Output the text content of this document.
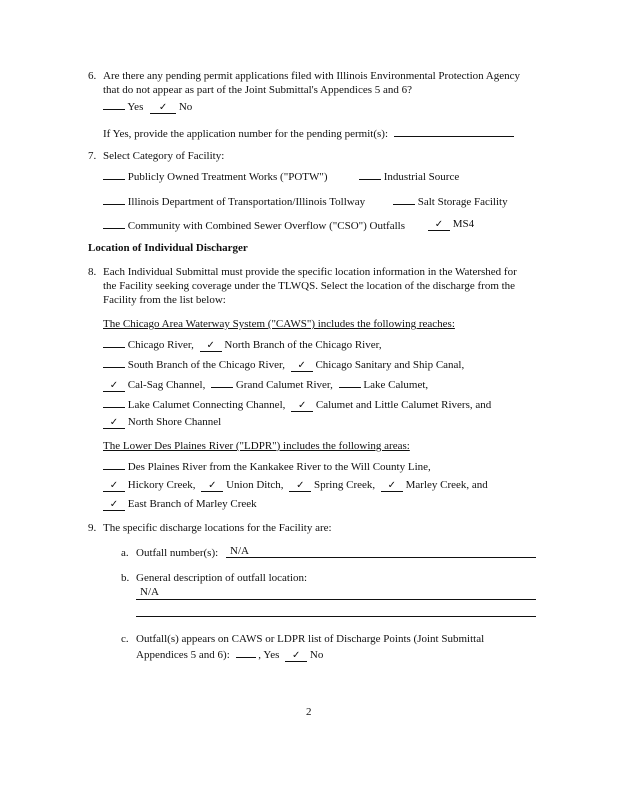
6. Are there any pending permit applications filed with Illinois Environmental Protection Agency
that do not appear as part of the Joint Submittal's Appendices 5 and 6?
Yes ✓ No
If Yes, provide the application number for the pending permit(s):
7. Select Category of Facility:
Publicly Owned Treatment Works ("POTW")	Industrial Source
Illinois Department of Transportation/Illinois Tollway	Salt Storage Facility
Community with Combined Sewer Overflow ("CSO") Outfalls	✓ MS4
Location of Individual Discharger
8. Each Individual Submittal must provide the specific location information in the Watershed for
the Facility seeking coverage under the TLWQS. Select the location of the discharge from the
Facility from the list below:
The Chicago Area Waterway System ("CAWS") includes the following reaches:
Chicago River, ✓ North Branch of the Chicago River,
South Branch of the Chicago River, ✓ Chicago Sanitary and Ship Canal,
✓ Cal-Sag Channel,	Grand Calumet River,	Lake Calumet,
Lake Calumet Connecting Channel, ✓ Calumet and Little Calumet Rivers, and
✓ North Shore Channel
The Lower Des Plaines River ("LDPR") includes the following areas:
Des Plaines River from the Kankakee River to the Will County Line,
✓ Hickory Creek, ✓ Union Ditch, ✓ Spring Creek, ✓ Marley Creek, and
✓ East Branch of Marley Creek
9. The specific discharge locations for the Facility are:
a. Outfall number(s): N/A
b. General description of outfall location:
N/A
c. Outfall(s) appears on CAWS or LDPR list of Discharge Points (Joint Submittal
Appendices 5 and 6):	, Yes ✓ No
2
